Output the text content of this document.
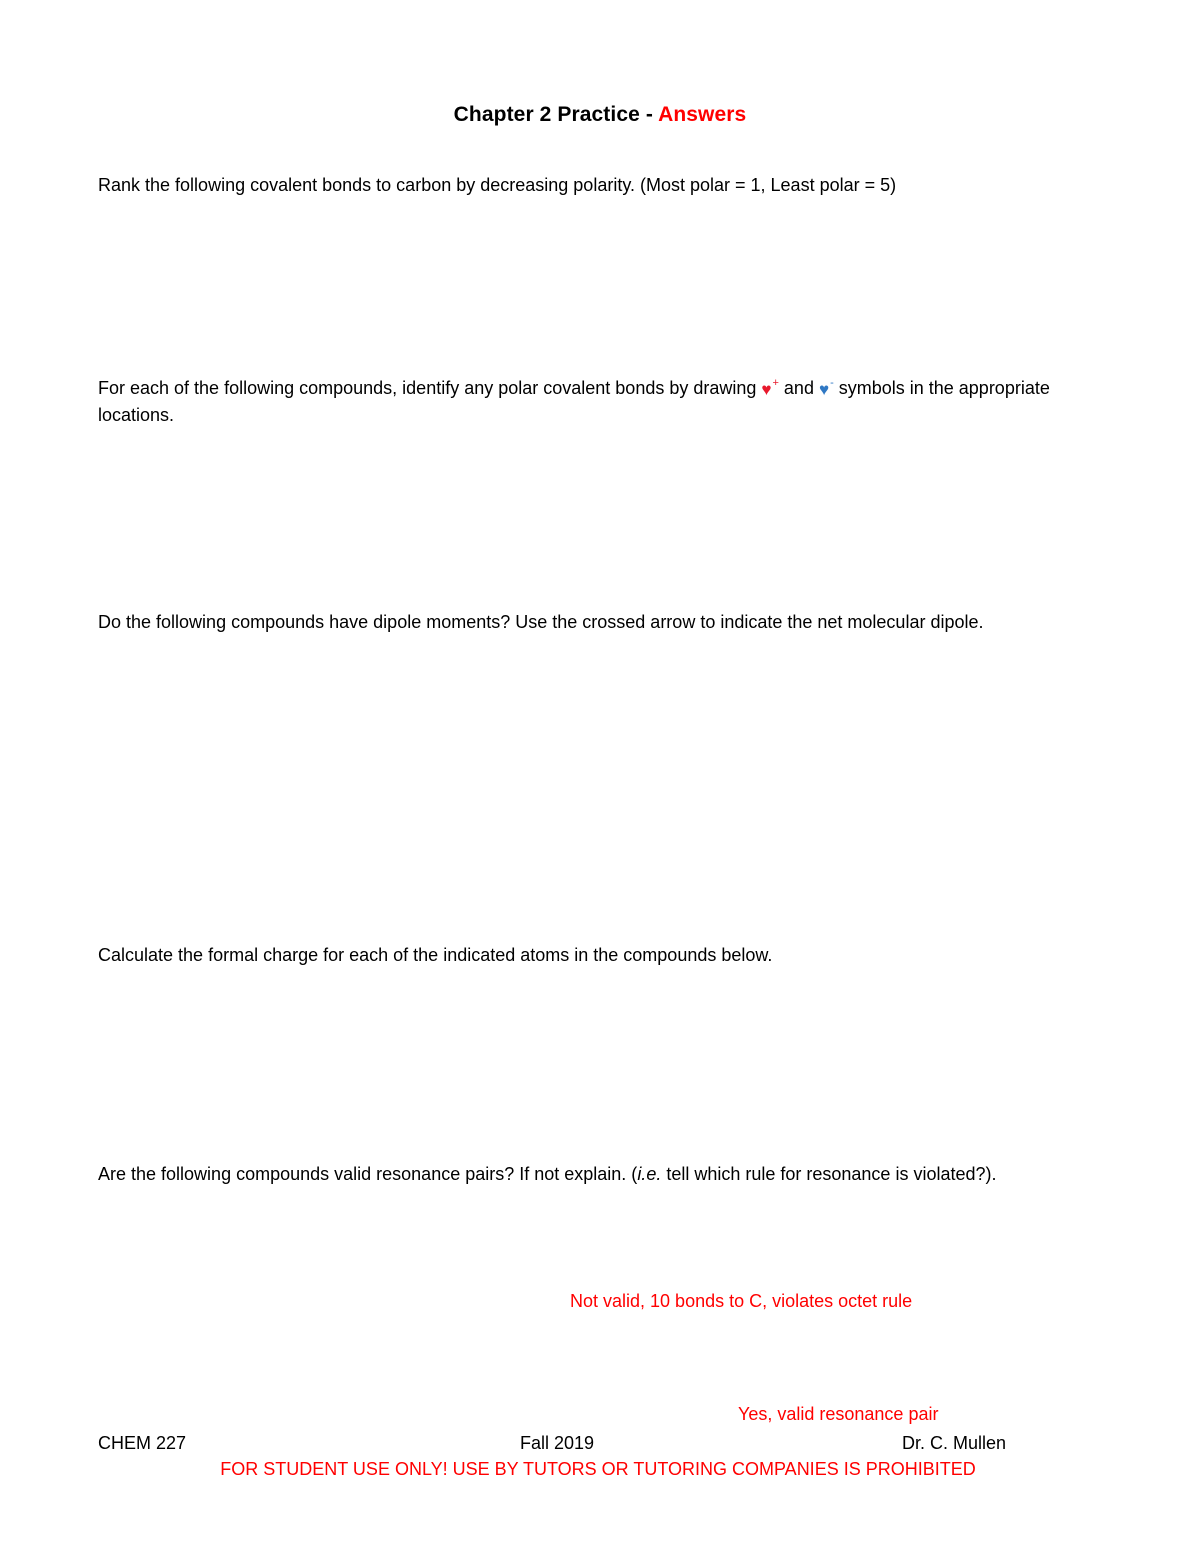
Chapter 2 Practice - Answers
Rank the following covalent bonds to carbon by decreasing polarity. (Most polar = 1, Least polar = 5)
For each of the following compounds, identify any polar covalent bonds by drawing ♥+ and ♥- symbols in the appropriate locations.
Do the following compounds have dipole moments? Use the crossed arrow to indicate the net molecular dipole.
Calculate the formal charge for each of the indicated atoms in the compounds below.
Are the following compounds valid resonance pairs? If not explain. (i.e. tell which rule for resonance is violated?).
Not valid, 10 bonds to C, violates octet rule
Yes, valid resonance pair
CHEM 227	Fall 2019	Dr. C. Mullen
FOR STUDENT USE ONLY! USE BY TUTORS OR TUTORING COMPANIES IS PROHIBITED
